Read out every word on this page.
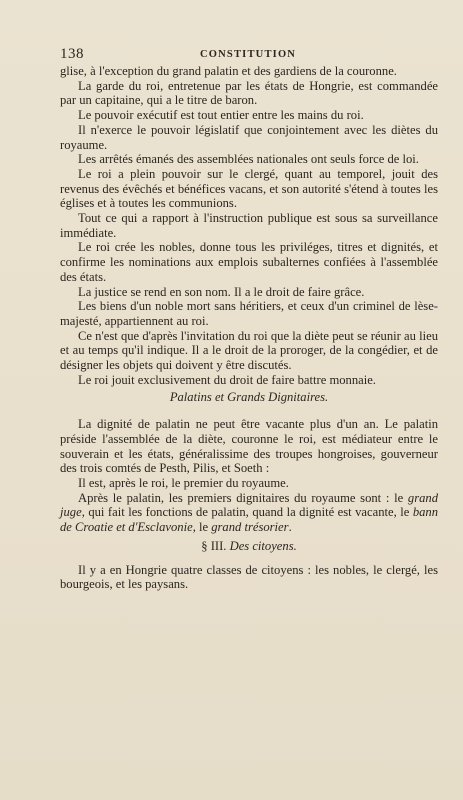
138	CONSTITUTION

glise, à l'exception du grand palatin et des gardiens de la couronne.

La garde du roi, entretenue par les états de Hongrie, est commandée par un capitaine, qui a le titre de baron.

Le pouvoir exécutif est tout entier entre les mains du roi.

Il n'exerce le pouvoir législatif que conjointement avec les diètes du royaume.

Les arrêtés émanés des assemblées nationales ont seuls force de loi.

Le roi a plein pouvoir sur le clergé, quant au temporel, jouit des revenus des évêchés et bénéfices vacans, et son autorité s'étend à toutes les églises et à toutes les communions.

Tout ce qui a rapport à l'instruction publique est sous sa surveillance immédiate.

Le roi crée les nobles, donne tous les priviléges, titres et dignités, et confirme les nominations aux emplois subalternes confiées à l'assemblée des états.

La justice se rend en son nom. Il a le droit de faire grâce.

Les biens d'un noble mort sans héritiers, et ceux d'un criminel de lèse-majesté, appartiennent au roi.

Ce n'est que d'après l'invitation du roi que la diète peut se réunir au lieu et au temps qu'il indique. Il a le droit de la proroger, de la congédier, et de désigner les objets qui doivent y être discutés.

Le roi jouit exclusivement du droit de faire battre monnaie.

Palatins et Grands Dignitaires.

La dignité de palatin ne peut être vacante plus d'un an. Le palatin préside l'assemblée de la diète, couronne le roi, est médiateur entre le souverain et les états, généralissime des troupes hongroises, gouverneur des trois comtés de Pesth, Pilis, et Soeth :

Il est, après le roi, le premier du royaume.

Après le palatin, les premiers dignitaires du royaume sont : le grand juge, qui fait les fonctions de palatin, quand la dignité est vacante, le bann de Croatie et d'Esclavonie, le grand trésorier.

§ III. Des citoyens.

Il y a en Hongrie quatre classes de citoyens : les nobles, le clergé, les bourgeois, et les paysans.
